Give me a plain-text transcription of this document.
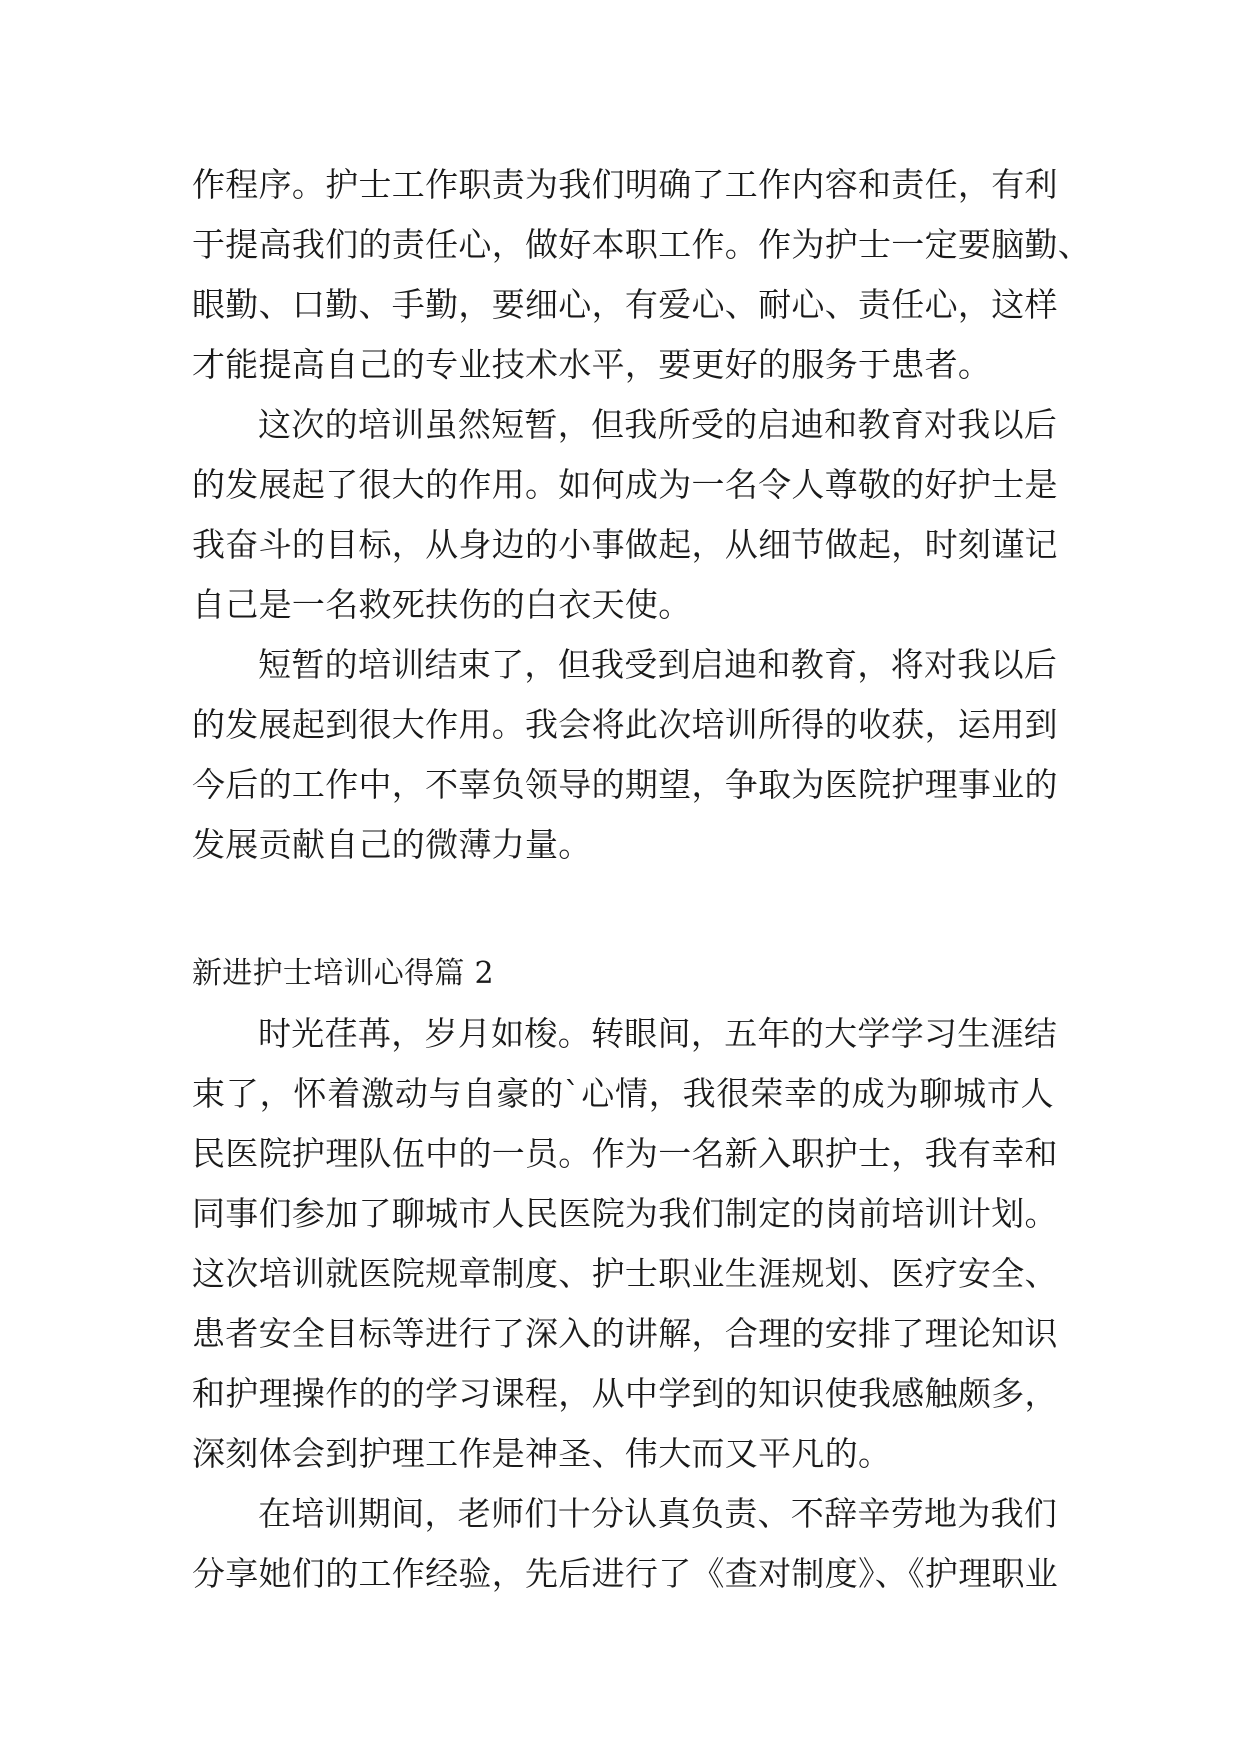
作程序。护士工作职责为我们明确了工作内容和责任，有利
于提高我们的责任心，做好本职工作。作为护士一定要脑勤、
眼勤、口勤、手勤，要细心，有爱心、耐心、责任心，这样
才能提高自己的专业技术水平，要更好的服务于患者。
这次的培训虽然短暂，但我所受的启迪和教育对我以后
的发展起了很大的作用。如何成为一名令人尊敬的好护士是
我奋斗的目标，从身边的小事做起，从细节做起，时刻谨记
自己是一名救死扶伤的白衣天使。
短暂的培训结束了，但我受到启迪和教育，将对我以后
的发展起到很大作用。我会将此次培训所得的收获，运用到
今后的工作中，不辜负领导的期望，争取为医院护理事业的
发展贡献自己的微薄力量。
新进护士培训心得篇 2
时光荏苒，岁月如梭。转眼间，五年的大学学习生涯结
束了，怀着激动与自豪的`心情，我很荣幸的成为聊城市人
民医院护理队伍中的一员。作为一名新入职护士，我有幸和
同事们参加了聊城市人民医院为我们制定的岗前培训计划。
这次培训就医院规章制度、护士职业生涯规划、医疗安全、
患者安全目标等进行了深入的讲解，合理的安排了理论知识
和护理操作的的学习课程，从中学到的知识使我感触颇多，
深刻体会到护理工作是神圣、伟大而又平凡的。
在培训期间，老师们十分认真负责、不辞辛劳地为我们
分享她们的工作经验，先后进行了《查对制度》、《护理职业
